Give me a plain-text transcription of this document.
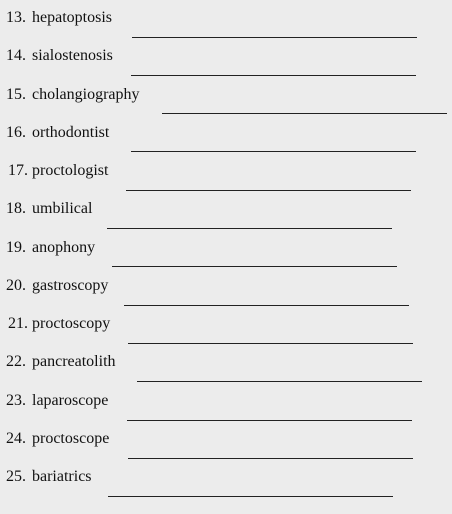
13. hepatoptosis
14. sialostenosis
15. cholangiography
16. orthodontist
17. proctologist
18. umbilical
19. anophony
20. gastroscopy
21. proctoscopy
22. pancreatolith
23. laparoscope
24. proctoscope
25. bariatrics
